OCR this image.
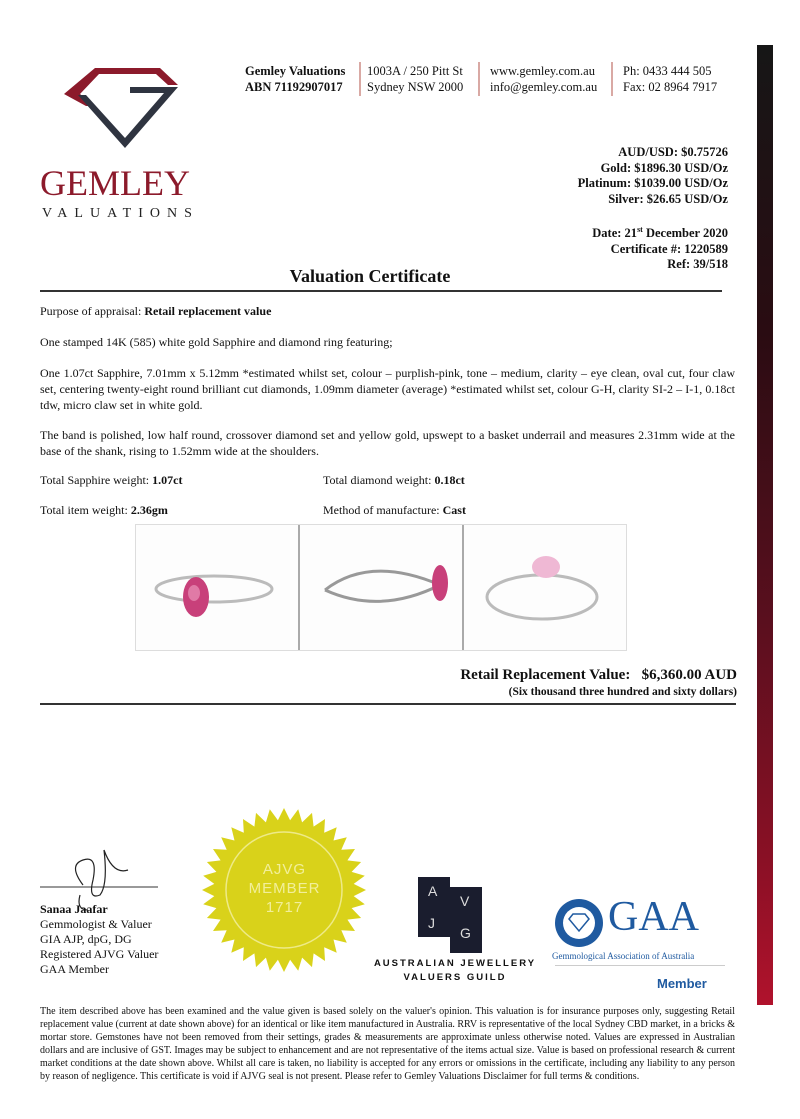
GEMLEY
VALUATIONS
Gemley Valuations
ABN 71192907017
1003A / 250 Pitt St
Sydney NSW 2000
www.gemley.com.au
info@gemley.com.au
Ph: 0433 444 505
Fax: 02 8964 7917
AUD/USD: $0.75726
Gold: $1896.30 USD/Oz
Platinum: $1039.00 USD/Oz
Silver: $26.65 USD/Oz
Date: 21st December 2020
Certificate #: 1220589
Ref: 39/518
Valuation Certificate
Purpose of appraisal: Retail replacement value
One stamped 14K (585) white gold Sapphire and diamond ring featuring;
One 1.07ct Sapphire, 7.01mm x 5.12mm *estimated whilst set, colour – purplish-pink, tone – medium, clarity – eye clean, oval cut, four claw set, centering twenty-eight round brilliant cut diamonds, 1.09mm diameter (average) *estimated whilst set, colour G-H, clarity SI-2 – I-1, 0.18ct tdw, micro claw set in white gold.
The band is polished, low half round, crossover diamond set and yellow gold, upswept to a basket underrail and measures 2.31mm wide at the base of the shank, rising to 1.52mm wide at the shoulders.
Total Sapphire weight: 1.07ct	Total diamond weight: 0.18ct
Total item weight: 2.36gm	Method of manufacture: Cast
Retail Replacement Value: $6,360.00 AUD
(Six thousand three hundred and sixty dollars)
Sanaa Jaafar
Gemmologist & Valuer
GIA AJP, dpG, DG
Registered AJVG Valuer
GAA Member
AJVG
MEMBER
1717
A
V
J
G
AUSTRALIAN JEWELLERY
VALUERS GUILD
GAA
Gemmological Association of Australia
Member
The item described above has been examined and the value given is based solely on the valuer's opinion. This valuation is for insurance purposes only, suggesting Retail replacement value (current at date shown above) for an identical or like item manufactured in Australia. RRV is representative of the local Sydney CBD market, in a bricks & mortar store. Gemstones have not been removed from their settings, grades & measurements are approximate unless otherwise noted. Values are expressed in Australian dollars and are inclusive of GST. Images may be subject to enhancement and are not representative of the items actual size. Value is based on professional research & current market conditions at the date shown above. Whilst all care is taken, no liability is accepted for any errors or omissions in the certificate, including any liability to any person by reason of negligence. This certificate is void if AJVG seal is not present. Please refer to Gemley Valuations Disclaimer for full terms & conditions.
